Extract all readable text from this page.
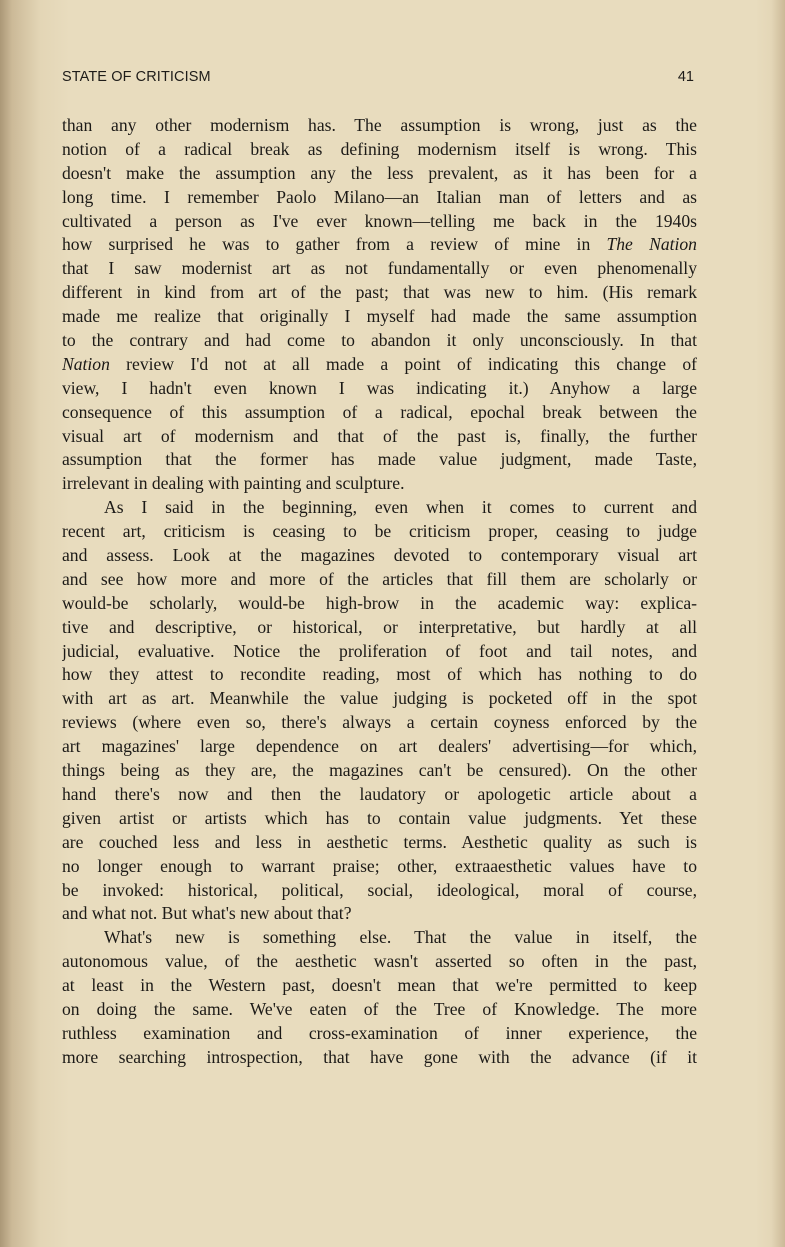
STATE OF CRITICISM	41
than any other modernism has. The assumption is wrong, just as the
notion of a radical break as defining modernism itself is wrong. This
doesn't make the assumption any the less prevalent, as it has been for a
long time. I remember Paolo Milano—an Italian man of letters and as
cultivated a person as I've ever known—telling me back in the 1940s
how surprised he was to gather from a review of mine in The Nation
that I saw modernist art as not fundamentally or even phenomenally
different in kind from art of the past; that was new to him. (His remark
made me realize that originally I myself had made the same assumption
to the contrary and had come to abandon it only unconsciously. In that
Nation review I'd not at all made a point of indicating this change of
view, I hadn't even known I was indicating it.) Anyhow a large
consequence of this assumption of a radical, epochal break between the
visual art of modernism and that of the past is, finally, the further
assumption that the former has made value judgment, made Taste,
irrelevant in dealing with painting and sculpture.
As I said in the beginning, even when it comes to current and
recent art, criticism is ceasing to be criticism proper, ceasing to judge
and assess. Look at the magazines devoted to contemporary visual art
and see how more and more of the articles that fill them are scholarly or
would-be scholarly, would-be high-brow in the academic way: explica-
tive and descriptive, or historical, or interpretative, but hardly at all
judicial, evaluative. Notice the proliferation of foot and tail notes, and
how they attest to recondite reading, most of which has nothing to do
with art as art. Meanwhile the value judging is pocketed off in the spot
reviews (where even so, there's always a certain coyness enforced by the
art magazines' large dependence on art dealers' advertising—for which,
things being as they are, the magazines can't be censured). On the other
hand there's now and then the laudatory or apologetic article about a
given artist or artists which has to contain value judgments. Yet these
are couched less and less in aesthetic terms. Aesthetic quality as such is
no longer enough to warrant praise; other, extraaesthetic values have to
be invoked: historical, political, social, ideological, moral of course,
and what not. But what's new about that?
What's new is something else. That the value in itself, the
autonomous value, of the aesthetic wasn't asserted so often in the past,
at least in the Western past, doesn't mean that we're permitted to keep
on doing the same. We've eaten of the Tree of Knowledge. The more
ruthless examination and cross-examination of inner experience, the
more searching introspection, that have gone with the advance (if it
